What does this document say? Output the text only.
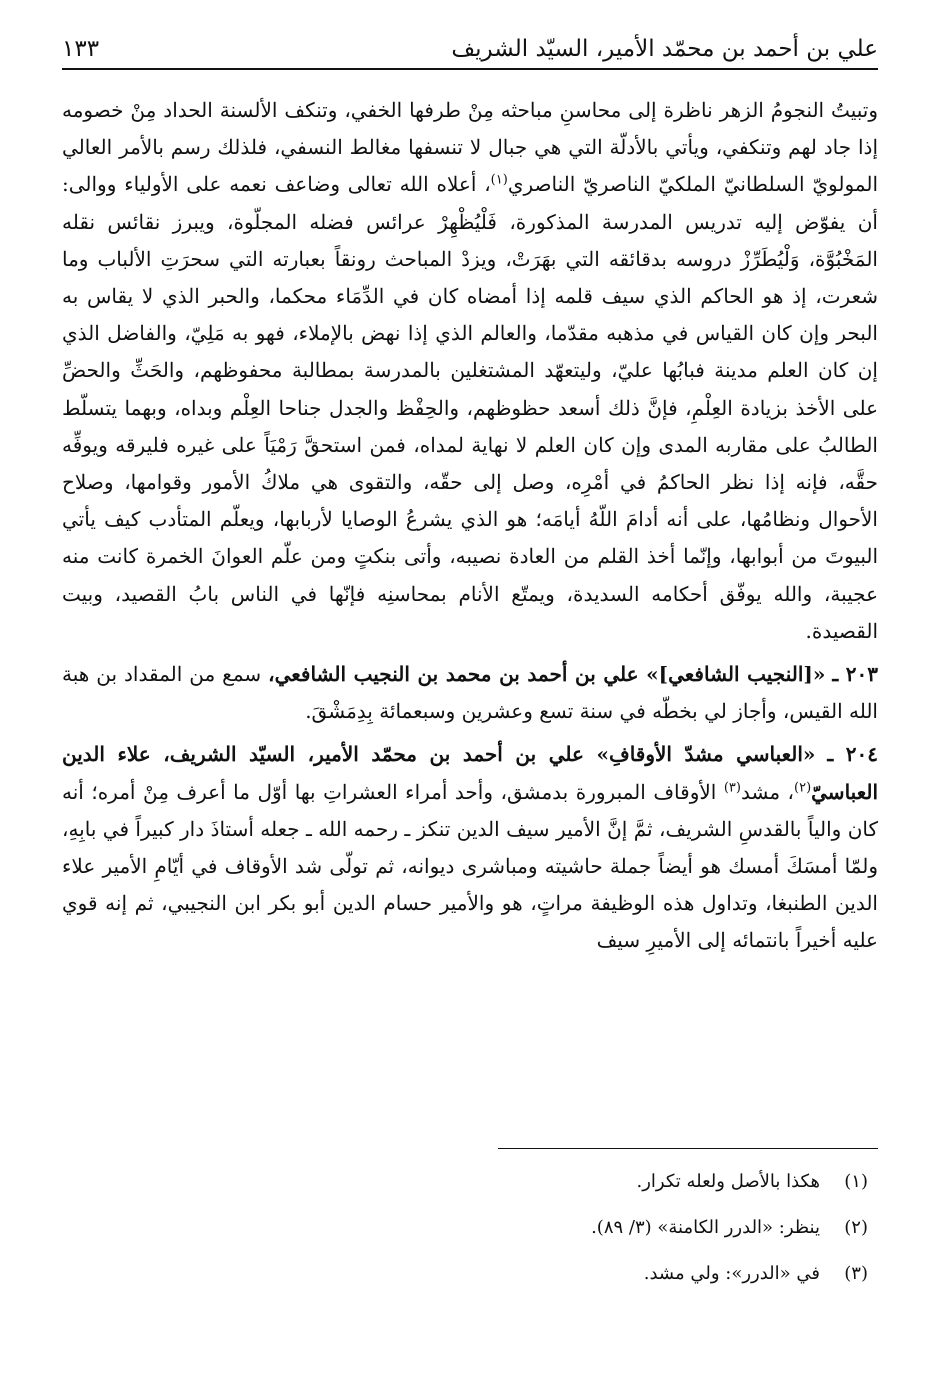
علي بن أحمد بن محمّد الأمير، السيّد الشريف
١٣٣

وتبيتُ النجومُ الزهر ناظرة إلى محاسنِ مباحثه مِنْ طرفها الخفي، وتنكف الألسنة الحداد مِنْ خصومه إذا جاد لهم وتنكفي، ويأتي بالأدلّة التي هي جبال لا تنسفها مغالط النسفي، فلذلك رسم بالأمر العالي المولويّ السلطانيّ الملكيّ الناصريّ الناصري$^{(١)}$، أعلاه الله تعالى وضاعف نعمه على الأولياء ووالى: أن يفوّض إليه تدريس المدرسة المذكورة، فَلْيُظْهِرْ عرائس فضله المجلّوة، ويبرز نقائس نقله المَخْبُوَّة، وَلْيُطَرِّزْ دروسه بدقائقه التي بهَرَتْ، ويزدْ المباحث رونقاً بعبارته التي سحرَتِ الألباب وما شعرت، إذ هو الحاكم الذي سيف قلمه إذا أمضاه كان في الدِّمَاء محكما، والحبر الذي لا يقاس به البحر وإن كان القياس في مذهبه مقدّما، والعالم الذي إذا نهض بالإملاء، فهو به مَلِيّ، والفاضل الذي إن كان العلم مدينة فبابُها عليّ، وليتعهّد المشتغلين بالمدرسة بمطالبة محفوظهم، والحَثِّ والحضِّ على الأخذ بزيادة العِلْمِ، فإنَّ ذلك أسعد حظوظهم، والحِفْظ والجدل جناحا العِلْم وبداه، وبهما يتسلّط الطالبُ على مقاربه المدى وإن كان العلم لا نهاية لمداه، فمن استحقَّ رَمْيَاً على غيره فليرقه ويوفِّه حقَّه، فإنه إذا نظر الحاكمُ في أمْرِه، وصل إلى حقّه، والتقوى هي ملاكُ الأمور وقوامها، وصلاح الأحوال ونظامُها، على أنه أدامَ اللّهُ أيامَه؛ هو الذي يشرعُ الوصايا لأربابها، ويعلّم المتأدب كيف يأتي البيوتَ من أبوابها، وإنّما أخذ القلم من العادة نصيبه، وأتى بنكتٍ ومن علّم العوانَ الخمرة كانت منه عجيبة، والله يوفّق أحكامه السديدة، ويمتّع الأنام بمحاسنِه فإنّها في الناس بابُ القصيد، وبيت القصيدة.

٢٠٣ ـ «[النجيب الشافعي]» علي بن أحمد بن محمد بن النجيب الشافعي، سمع من المقداد بن هبة الله القيس، وأجاز لي بخطّه في سنة تسع وعشرين وسبعمائة بِدِمَشْقَ.

٢٠٤ ـ «العباسي مشدّ الأوقافِ» علي بن أحمد بن محمّد الأمير، السيّد الشريف، علاء الدين العباسيّ$^{(٢)}$، مشد$^{(٣)}$ الأوقاف المبرورة بدمشق، وأحد أمراء العشراتِ بها أوّل ما أعرف مِنْ أمره؛ أنه كان والياً بالقدسِ الشريف، ثمَّ إنَّ الأمير سيف الدين تنكز ـ رحمه الله ـ جعله أستاذَ دار كبيراً في بابِهِ، ولمّا أمسَكَ أمسك هو أيضاً جملة حاشيته ومباشرى ديوانه، ثم تولّى شد الأوقاف في أيّامِ الأمير علاء الدين الطنبغا، وتداول هذه الوظيفة مراتٍ، هو والأمير حسام الدين أبو بكر ابن النجيبي، ثم إنه قوي عليه أخيراً بانتمائه إلى الأميرِ سيف

(١)
هكذا بالأصل ولعله تكرار.
(٢)
ينظر: «الدرر الكامنة» (٣/ ٨٩).
(٣)
في «الدرر»: ولي مشد.
